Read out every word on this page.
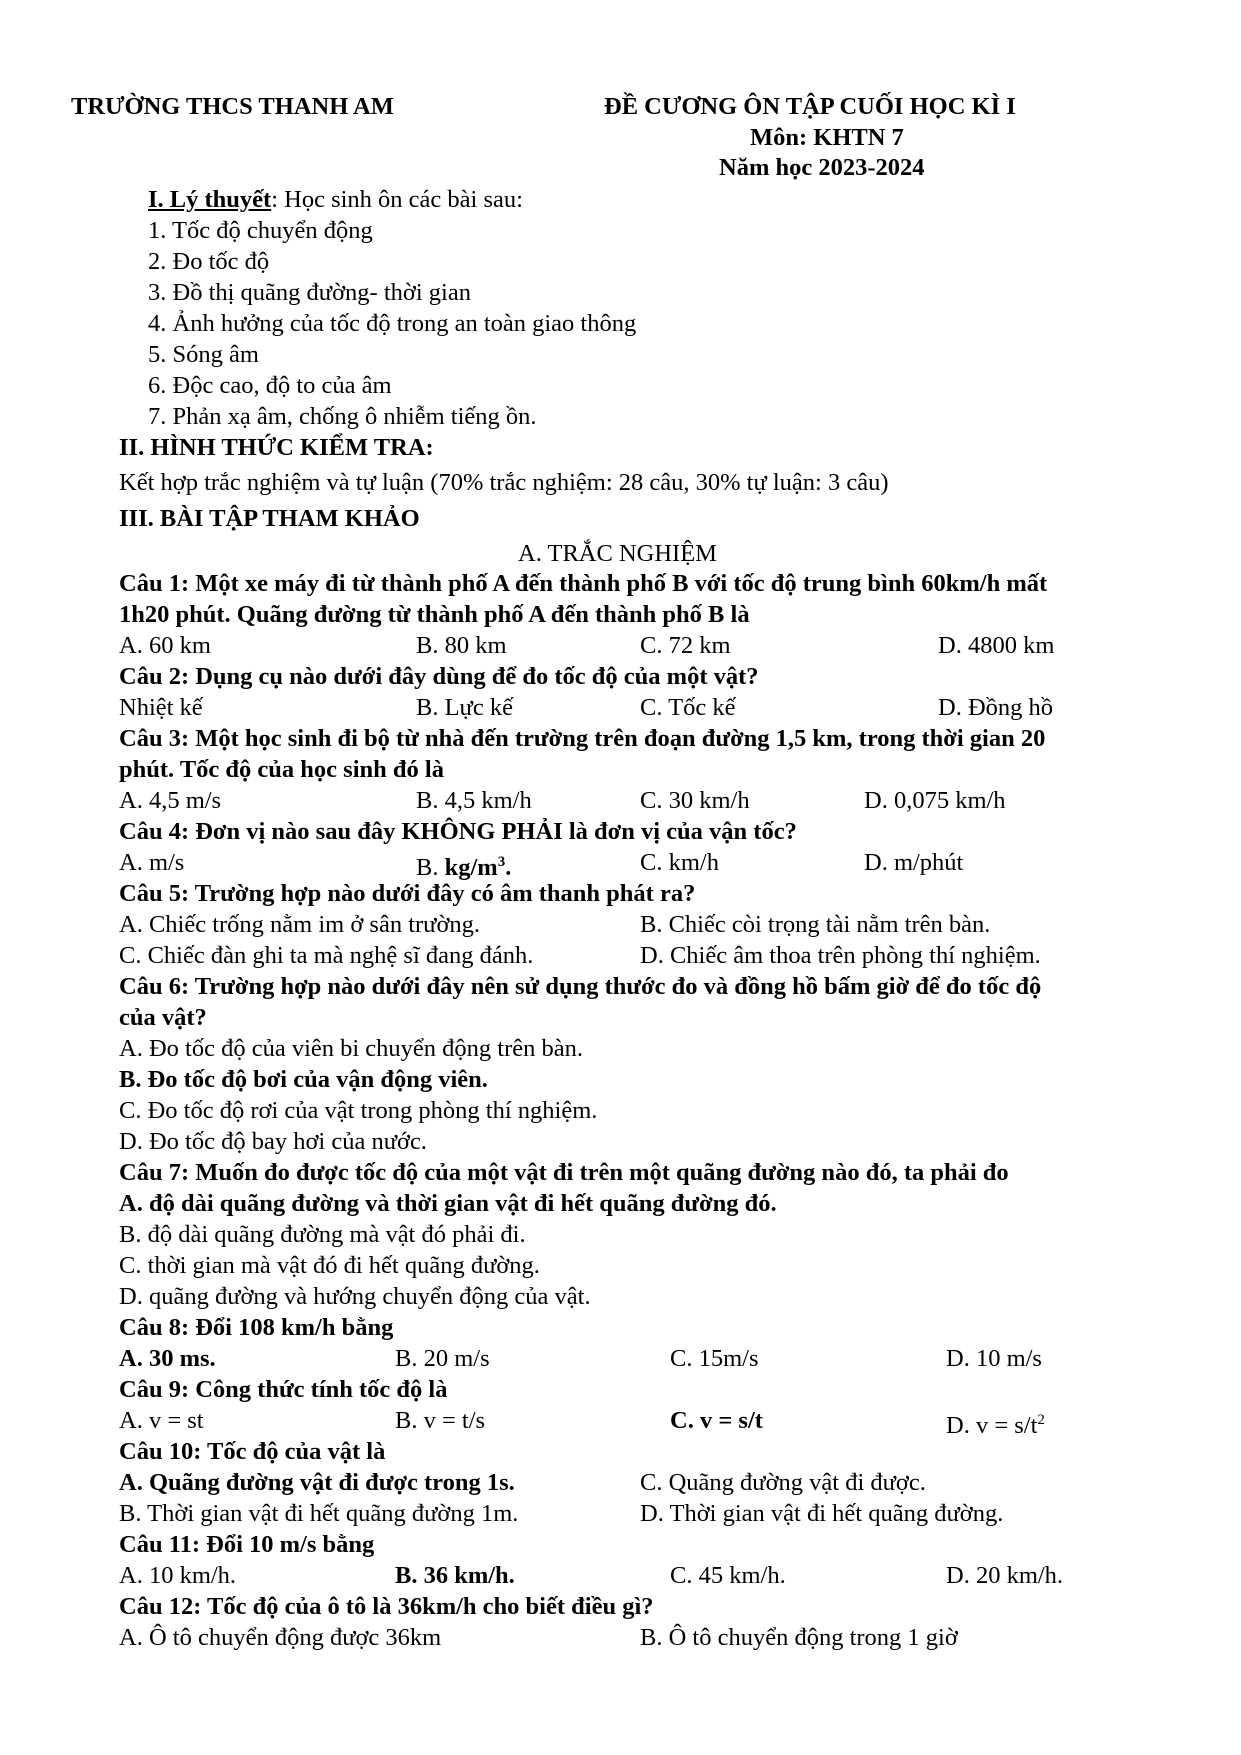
TRƯỜNG THCS THANH AM	ĐỀ CƯƠNG ÔN TẬP CUỐI HỌC KÌ I
Môn: KHTN 7
Năm học 2023-2024
I. Lý thuyết: Học sinh ôn các bài sau:
1. Tốc độ chuyển động
2. Đo tốc độ
3. Đồ thị quãng đường- thời gian
4. Ảnh hưởng của tốc độ trong an toàn giao thông
5. Sóng âm
6. Độc cao, độ to của âm
7. Phản xạ âm, chống ô nhiễm tiếng ồn.
II. HÌNH THỨC KIỂM TRA:
Kết hợp trắc nghiệm và tự luận (70% trắc nghiệm: 28 câu, 30% tự luận: 3 câu)
III. BÀI TẬP THAM KHẢO
A. TRẮC NGHIỆM
Câu 1: Một xe máy đi từ thành phố A đến thành phố B với tốc độ trung bình 60km/h mất
1h20 phút. Quãng đường từ thành phố A đến thành phố B là
A. 60 km	B. 80 km	C. 72 km	D. 4800 km
Câu 2: Dụng cụ nào dưới đây dùng để đo tốc độ của một vật?
Nhiệt kế	B. Lực kế	C. Tốc kế	D. Đồng hồ
Câu 3: Một học sinh đi bộ từ nhà đến trường trên đoạn đường 1,5 km, trong thời gian 20
phút. Tốc độ của học sinh đó là
A. 4,5 m/s	B. 4,5 km/h	C. 30 km/h	D. 0,075 km/h
Câu 4: Đơn vị nào sau đây KHÔNG PHẢI là đơn vị của vận tốc?
A. m/s	B. $kg/m^3$.	C. km/h	D. m/phút
Câu 5: Trường hợp nào dưới đây có âm thanh phát ra?
A. Chiếc trống nằm im ở sân trường.	B. Chiếc còi trọng tài nằm trên bàn.
C. Chiếc đàn ghi ta mà nghệ sĩ đang đánh.	D. Chiếc âm thoa trên phòng thí nghiệm.
Câu 6: Trường hợp nào dưới đây nên sử dụng thước đo và đồng hồ bấm giờ để đo tốc độ
của vật?
A. Đo tốc độ của viên bi chuyển động trên bàn.
B. Đo tốc độ bơi của vận động viên.
C. Đo tốc độ rơi của vật trong phòng thí nghiệm.
D. Đo tốc độ bay hơi của nước.
Câu 7: Muốn đo được tốc độ của một vật đi trên một quãng đường nào đó, ta phải đo
A. độ dài quãng đường và thời gian vật đi hết quãng đường đó.
B. độ dài quãng đường mà vật đó phải đi.
C. thời gian mà vật đó đi hết quãng đường.
D. quãng đường và hướng chuyển động của vật.
Câu 8: Đổi 108 km/h bằng
A. 30 ms.	B. 20 m/s	C. 15m/s	D. 10 m/s
Câu 9: Công thức tính tốc độ là
A. v = st	B. v = t/s	C. v = s/t	D. $v = s/t^2$
Câu 10: Tốc độ của vật là
A. Quãng đường vật đi được trong 1s.	C. Quãng đường vật đi được.
B. Thời gian vật đi hết quãng đường 1m.	D. Thời gian vật đi hết quãng đường.
Câu 11: Đổi 10 m/s bằng
A. 10 km/h.	B. 36 km/h.	C. 45 km/h.	D. 20 km/h.
Câu 12: Tốc độ của ô tô là 36km/h cho biết điều gì?
A. Ô tô chuyển động được 36km	B. Ô tô chuyển động trong 1 giờ
